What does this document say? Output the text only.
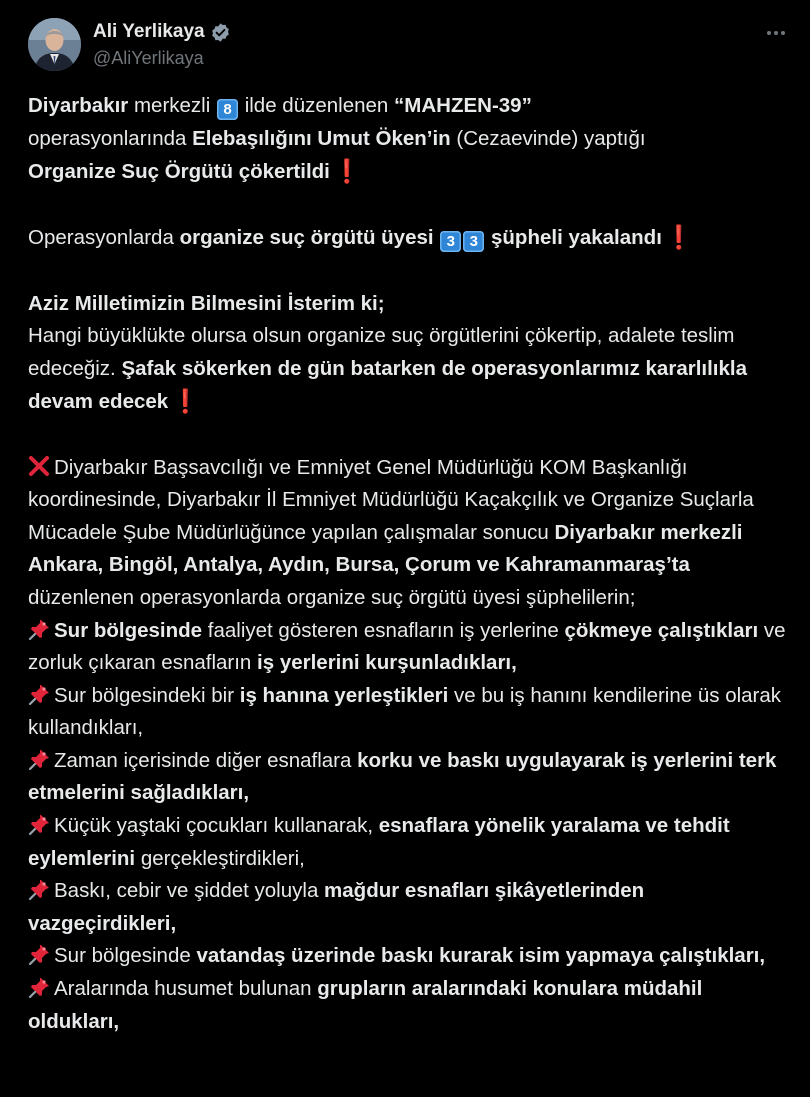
Ali Yerlikaya
@AliYerlikaya

Diyarbakır merkezli 8 ilde düzenlenen “MAHZEN-39”
operasyonlarında Elebaşılığını Umut Öken’in (Cezaevinde) yaptığı
Organize Suç Örgütü çökertildi ❗

Operasyonlarda organize suç örgütü üyesi 3 3 şüpheli yakalandı ❗

Aziz Milletimizin Bilmesini İsterim ki;
Hangi büyüklükte olursa olsun organize suç örgütlerini çökertip, adalete teslim edeceğiz. Şafak sökerken de gün batarken de operasyonlarımız kararlılıkla devam edecek ❗

Diyarbakır Başsavcılığı ve Emniyet Genel Müdürlüğü KOM Başkanlığı koordinesinde, Diyarbakır İl Emniyet Müdürlüğü Kaçakçılık ve Organize Suçlarla Mücadele Şube Müdürlüğünce yapılan çalışmalar sonucu Diyarbakır merkezli Ankara, Bingöl, Antalya, Aydın, Bursa, Çorum ve Kahramanmaraş’ta düzenlenen operasyonlarda organize suç örgütü üyesi şüphelilerin;

Sur bölgesinde faaliyet gösteren esnafların iş yerlerine çökmeye çalıştıkları ve zorluk çıkaran esnafların iş yerlerini kurşunladıkları,

Sur bölgesindeki bir iş hanına yerleştikleri ve bu iş hanını kendilerine üs olarak kullandıkları,

Zaman içerisinde diğer esnaflara korku ve baskı uygulayarak iş yerlerini terk etmelerini sağladıkları,

Küçük yaştaki çocukları kullanarak, esnaflara yönelik yaralama ve tehdit eylemlerini gerçekleştirdikleri,

Baskı, cebir ve şiddet yoluyla mağdur esnafları şikâyetlerinden vazgeçirdikleri,

Sur bölgesinde vatandaş üzerinde baskı kurarak isim yapmaya çalıştıkları,

Aralarında husumet bulunan grupların aralarındaki konulara müdahil oldukları,
